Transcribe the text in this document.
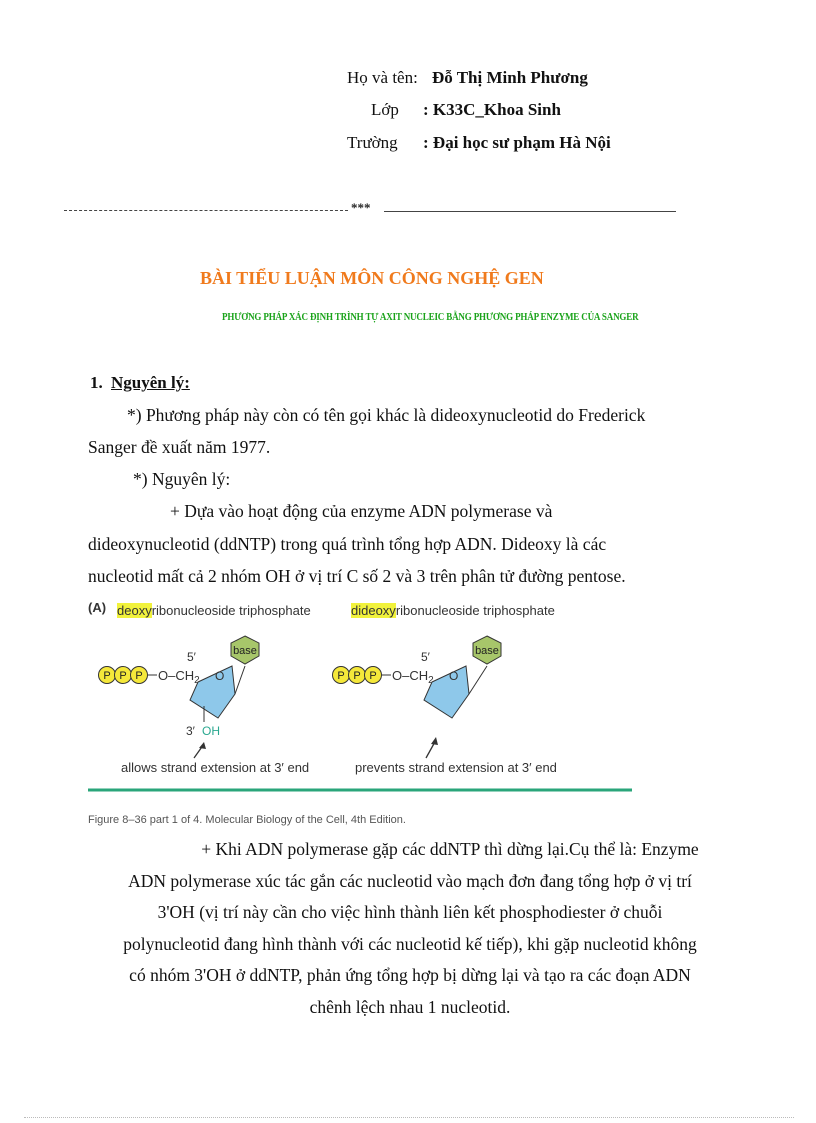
Họ và tên: Đỗ Thị Minh Phương
Lớp : K33C_Khoa Sinh
Trường : Đại học sư phạm Hà Nội
***
BÀI TIỂU LUẬN MÔN CÔNG NGHỆ GEN
PHƯƠNG PHÁP XÁC ĐỊNH TRÌNH TỰ AXIT NUCLEIC BẰNG PHƯƠNG PHÁP ENZYME CỦA SANGER
1. Nguyên lý:
*) Phương pháp này còn có tên gọi khác là dideoxynucleotid do Frederick
Sanger đề xuất năm 1977.
*) Nguyên lý:
+ Dựa vào hoạt động của enzyme ADN polymerase và
dideoxynucleotid (ddNTP) trong quá trình tổng hợp ADN. Dideoxy là các
nucleotid mất cả 2 nhóm OH ở vị trí C số 2 và 3 trên phân tử đường pentose.
(A) deoxyribonucleoside triphosphate	dideoxyribonucleoside triphosphate
P P P $O-CH_2$
5′
O
base
3′ OH
allows strand extension at 3′ end
P P P $O-CH_2$
5′
O
base
prevents strand extension at 3′ end
Figure 8–36 part 1 of 4. Molecular Biology of the Cell, 4th Edition.
+ Khi ADN polymerase gặp các ddNTP thì dừng lại.Cụ thể là: Enzyme
ADN polymerase xúc tác gắn các nucleotid vào mạch đơn đang tổng hợp ở vị trí
3'OH (vị trí này cần cho việc hình thành liên kết phosphodiester ở chuỗi
polynucleotid đang hình thành với các nucleotid kế tiếp), khi gặp nucleotid không
có nhóm 3'OH ở ddNTP, phản ứng tổng hợp bị dừng lại và tạo ra các đoạn ADN
chênh lệch nhau 1 nucleotid.
